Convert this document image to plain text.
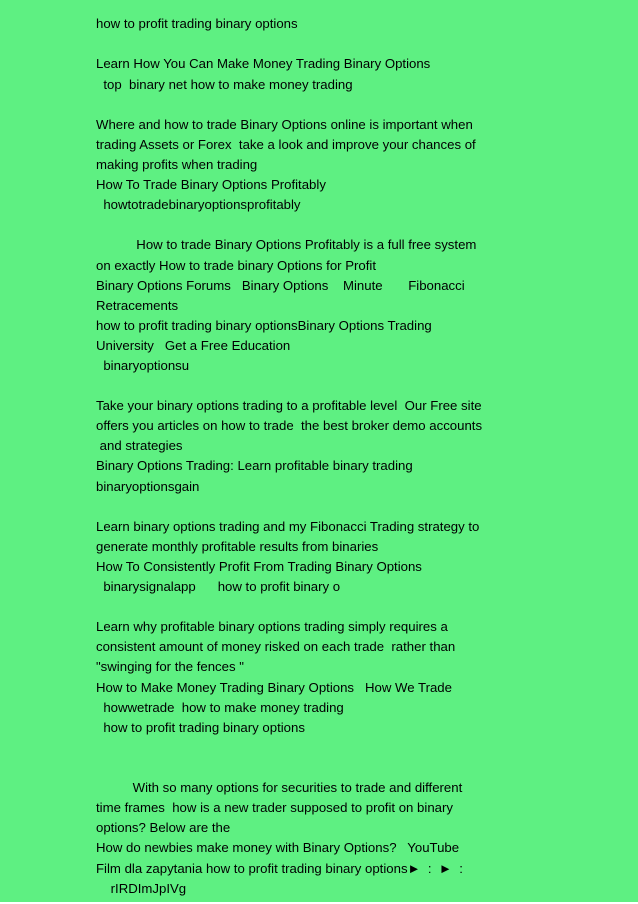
how to profit trading binary options
Learn How You Can Make Money Trading Binary Options
top  binary net how to make money trading
Where and how to trade Binary Options online is important when
trading Assets or Forex  take a look and improve your chances of
making profits when trading
How To Trade Binary Options Profitably
howtotradebinaryoptionsprofitably
How to trade Binary Options Profitably is a full free system
on exactly How to trade binary Options for Profit
Binary Options Forums   Binary Options    Minute       Fibonacci
Retracements
how to profit trading binary optionsBinary Options Trading
University   Get a Free Education
binaryoptionsu
Take your binary options trading to a profitable level  Our Free site
offers you articles on how to trade  the best broker demo accounts
and strategies
Binary Options Trading: Learn profitable binary trading
binaryoptionsgain
Learn binary options trading and my Fibonacci Trading strategy to
generate monthly profitable results from binaries
How To Consistently Profit From Trading Binary Options
binarysignalapp      how to profit binary o
Learn why profitable binary options trading simply requires a
consistent amount of money risked on each trade  rather than
"swinging for the fences "
How to Make Money Trading Binary Options   How We Trade
howwetrade  how to make money trading
how to profit trading binary options
With so many options for securities to trade and different
time frames  how is a new trader supposed to profit on binary
options? Below are the
How do newbies make money with Binary Options?   YouTube
Film dla zapytania how to profit trading binary options►  :  ►  :
rIRDImJpIVg
